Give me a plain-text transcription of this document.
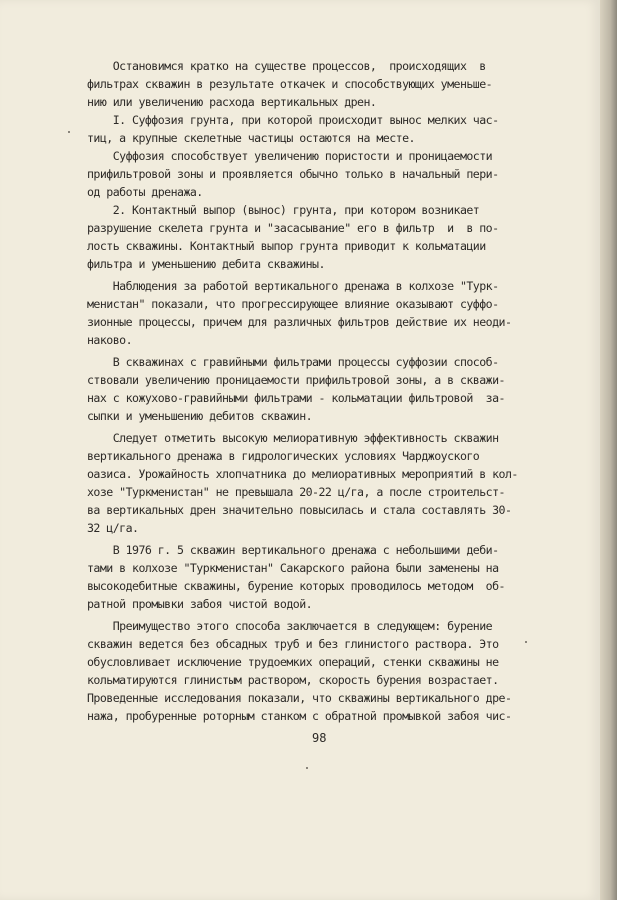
Остановимся кратко на существе процессов,  происходящих  в
фильтрах скважин в результате откачек и способствующих уменьше-
нию или увеличению расхода вертикальных дрен.

I. Суффозия грунта, при которой происходит вынос мелких час-
тиц, а крупные скелетные частицы остаются на месте.

Суффозия способствует увеличению пористости и проницаемости
прифильтровой зоны и проявляется обычно только в начальный пери-
од работы дренажа.

2. Контактный выпор (вынос) грунта, при котором возникает
разрушение скелета грунта и "засасывание" его в фильтр  и  в по-
лость скважины. Контактный выпор грунта приводит к кольматации
фильтра и уменьшению дебита скважины.

Наблюдения за работой вертикального дренажа в колхозе "Турк-
менистан" показали, что прогрессирующее влияние оказывают суффо-
зионные процессы, причем для различных фильтров действие их неоди-
наково.

В скважинах с гравийными фильтрами процессы суффозии способ-
ствовали увеличению проницаемости прифильтровой зоны, а в скважи-
нах с кожухово-гравийными фильтрами - кольматации фильтровой  за-
сыпки и уменьшению дебитов скважин.

Следует отметить высокую мелиоративную эффективность скважин
вертикального дренажа в гидрологических условиях Чарджоуского
оазиса. Урожайность хлопчатника до мелиоративных мероприятий в кол-
хозе "Туркменистан" не превышала 20-22 ц/га, а после строительст-
ва вертикальных дрен значительно повысилась и стала составлять 30-
32 ц/га.

В 1976 г. 5 скважин вертикального дренажа с небольшими деби-
тами в колхозе "Туркменистан" Сакарского района были заменены на
высокодебитные скважины, бурение которых проводилось методом  об-
ратной промывки забоя чистой водой.

Преимущество этого способа заключается в следующем: бурение
скважин ведется без обсадных труб и без глинистого раствора. Это
обусловливает исключение трудоемких операций, стенки скважины не
кольматируются глинистым раствором, скорость бурения возрастает.
Проведенные исследования показали, что скважины вертикального дре-
нажа, пробуренные роторным станком с обратной промывкой забоя чис-

98
